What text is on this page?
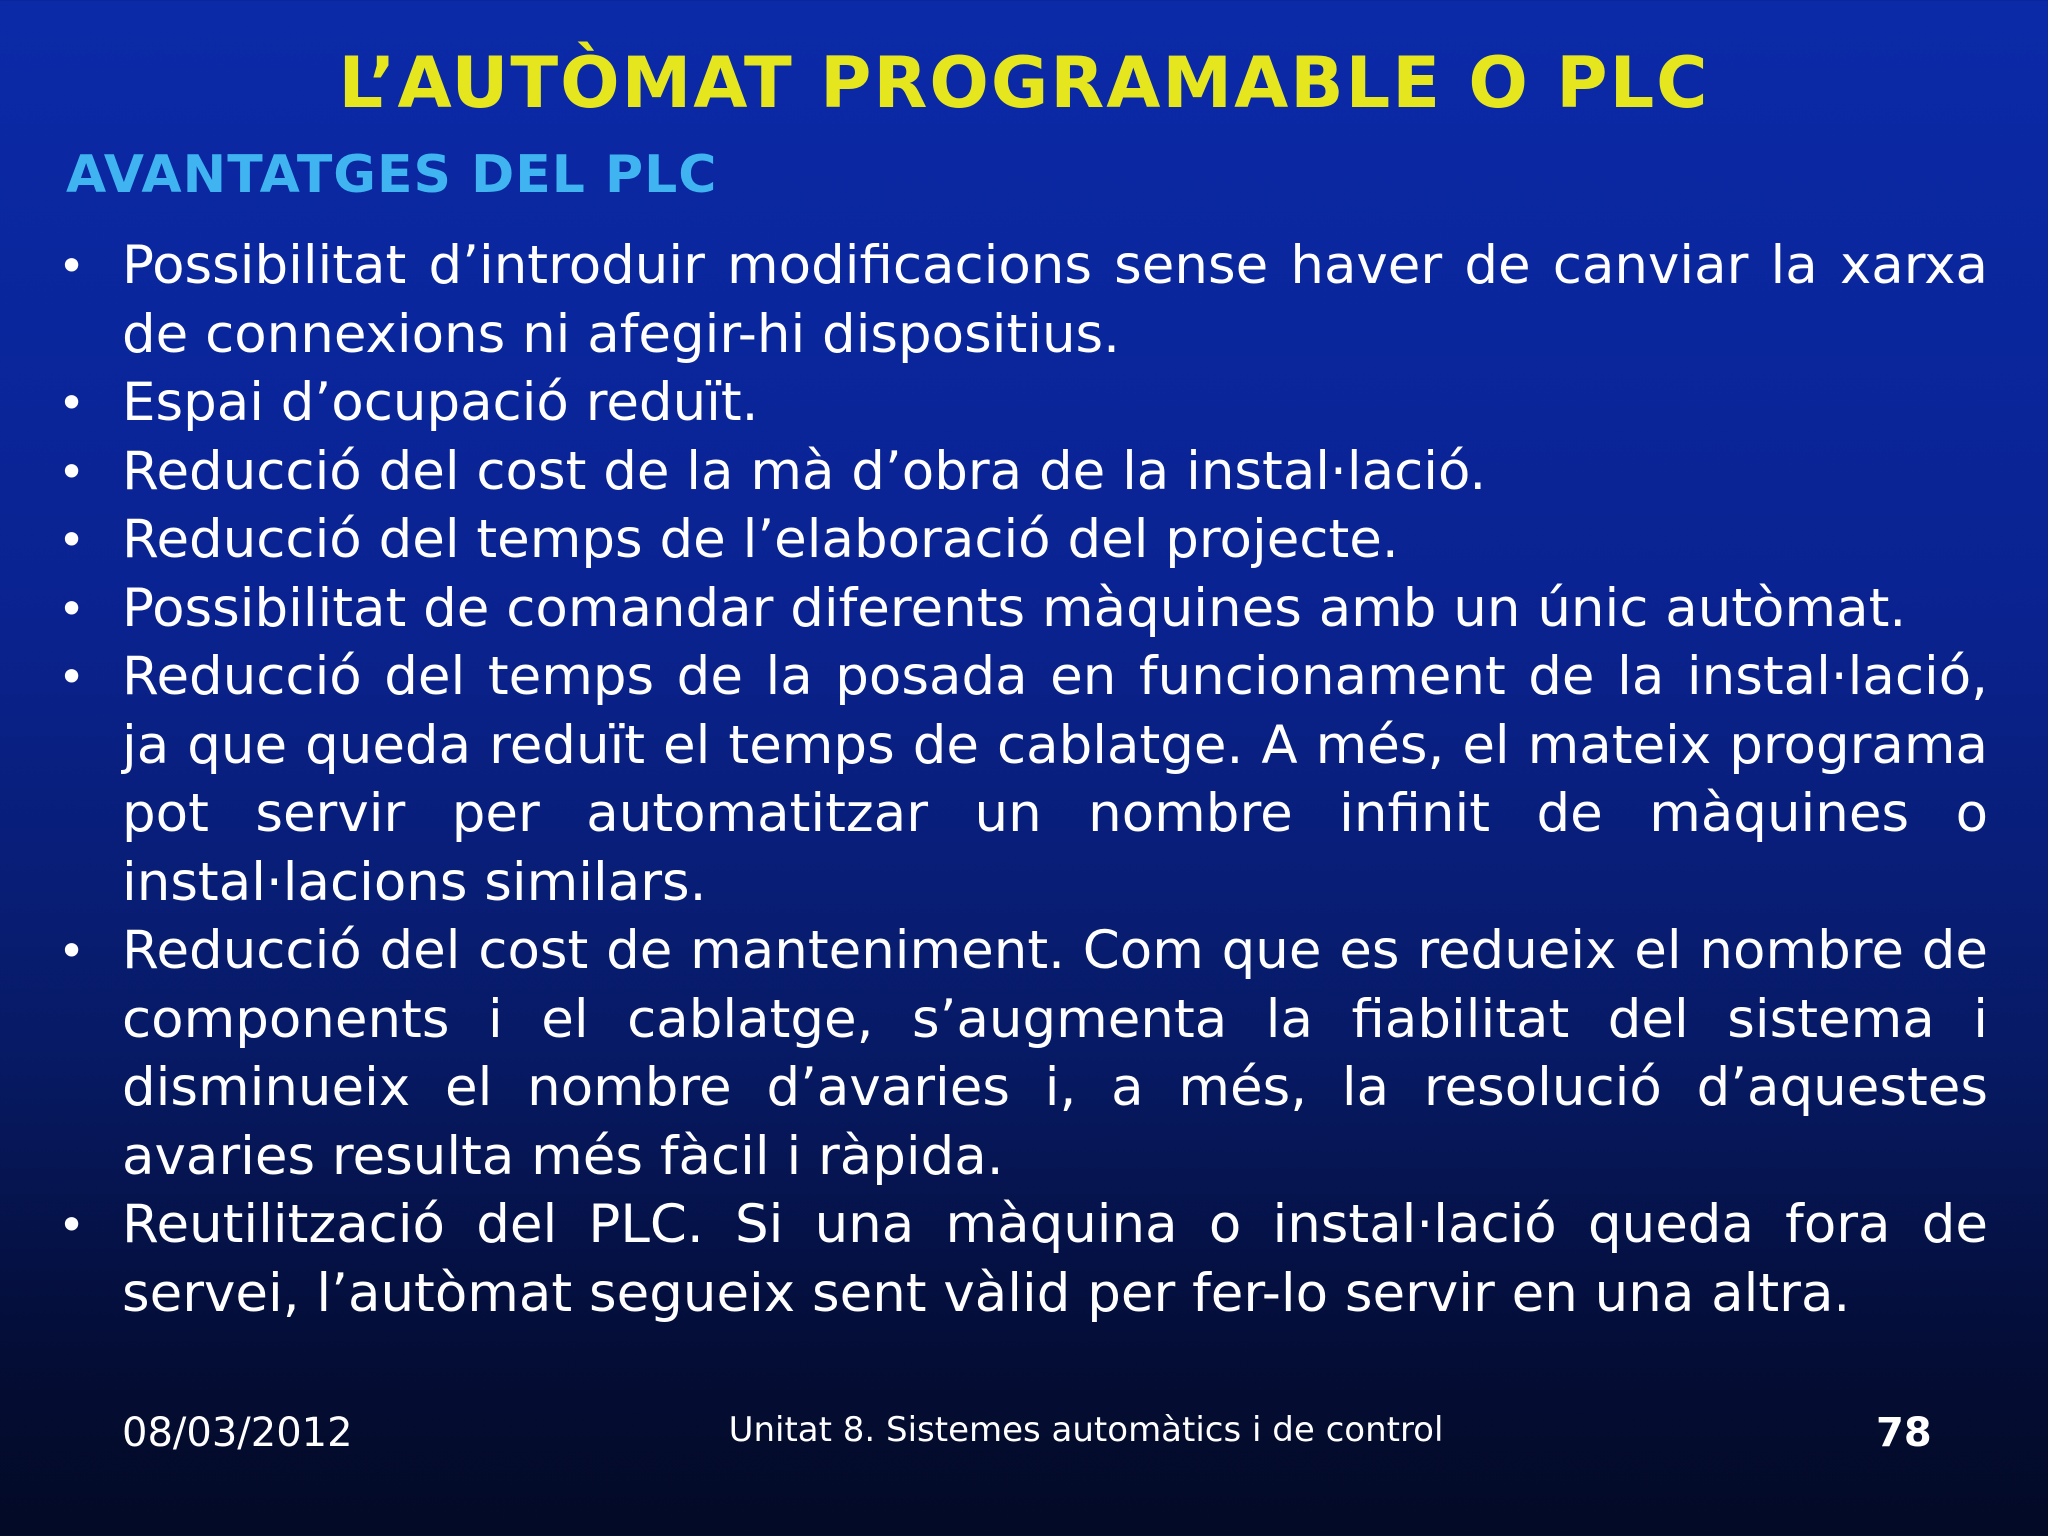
L’AUTÒMAT PROGRAMABLE O PLC
AVANTATGES DEL PLC
• Possibilitat d’introduir modificacions sense haver de canviar la xarxa de connexions ni afegir-hi dispositius.
• Espai d’ocupació reduït.
• Reducció del cost de la mà d’obra de la instal·lació.
• Reducció del temps de l’elaboració del projecte.
• Possibilitat de comandar diferents màquines amb un únic autòmat.
• Reducció del temps de la posada en funcionament de la instal·lació, ja que queda reduït el temps de cablatge. A més, el mateix programa pot servir per automatitzar un nombre infinit de màquines o instal·lacions similars.
• Reducció del cost de manteniment. Com que es redueix el nombre de components i el cablatge, s’augmenta la fiabilitat del sistema i disminueix el nombre d’avaries i, a més, la resolució d’aquestes avaries resulta més fàcil i ràpida.
• Reutilització del PLC. Si una màquina o instal·lació queda fora de servei, l’autòmat segueix sent vàlid per fer-lo servir en una altra.
08/03/2012	Unitat 8. Sistemes automàtics i de control	78
